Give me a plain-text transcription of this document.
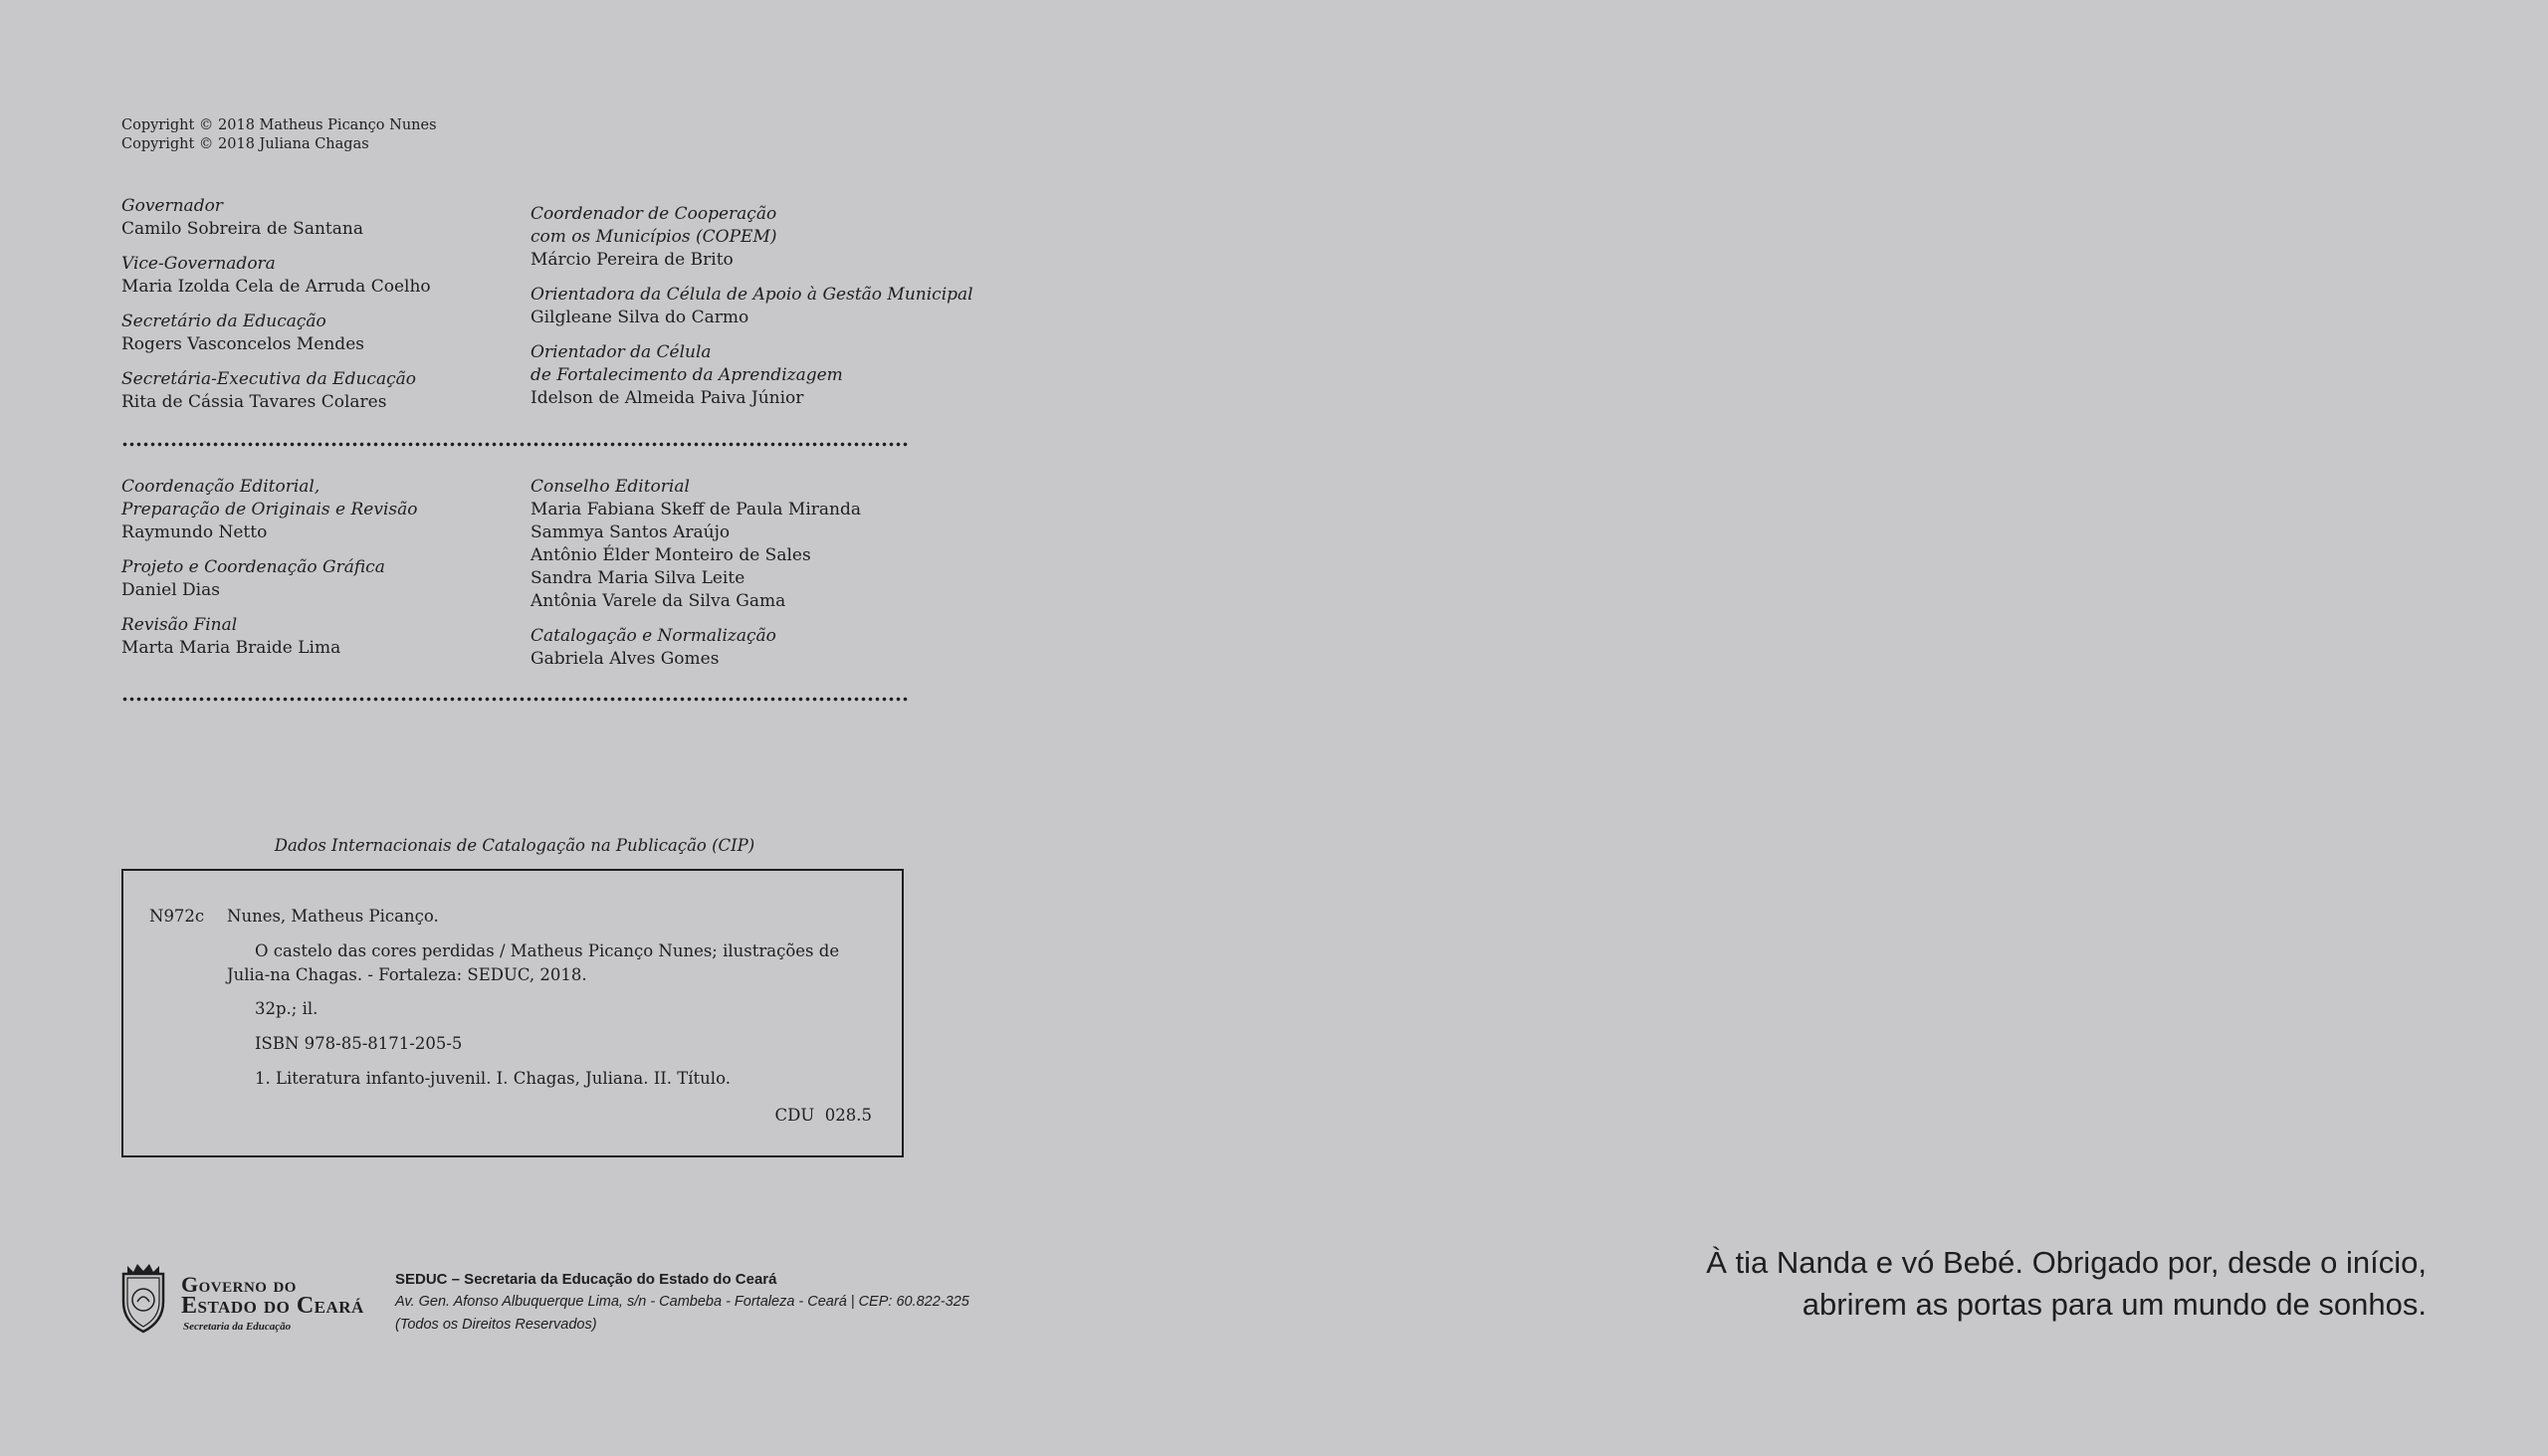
Copyright © 2018 Matheus Picanço Nunes
Copyright © 2018 Juliana Chagas
Governador
Camilo Sobreira de Santana
Vice-Governadora
Maria Izolda Cela de Arruda Coelho
Secretário da Educação
Rogers Vasconcelos Mendes
Secretária-Executiva da Educação
Rita de Cássia Tavares Colares
Coordenador de Cooperação
com os Municípios (COPEM)
Márcio Pereira de Brito
Orientadora da Célula de Apoio à Gestão Municipal
Gilgleane Silva do Carmo
Orientador da Célula
de Fortalecimento da Aprendizagem
Idelson de Almeida Paiva Júnior
Coordenação Editorial,
Preparação de Originais e Revisão
Raymundo Netto
Projeto e Coordenação Gráfica
Daniel Dias
Revisão Final
Marta Maria Braide Lima
Conselho Editorial
Maria Fabiana Skeff de Paula Miranda
Sammya Santos Araújo
Antônio Élder Monteiro de Sales
Sandra Maria Silva Leite
Antônia Varele da Silva Gama
Catalogação e Normalização
Gabriela Alves Gomes
Dados Internacionais de Catalogação na Publicação (CIP)
N972c Nunes, Matheus Picanço.
O castelo das cores perdidas / Matheus Picanço Nunes; ilustrações de Julia-na Chagas. - Fortaleza: SEDUC, 2018.
32p.; il.
ISBN 978-85-8171-205-5
1. Literatura infanto-juvenil. I. Chagas, Juliana. II. Título.
CDU  028.5
Governo do
Estado do Ceará
Secretaria da Educação
SEDUC – Secretaria da Educação do Estado do Ceará
Av. Gen. Afonso Albuquerque Lima, s/n - Cambeba - Fortaleza - Ceará | CEP: 60.822-325
(Todos os Direitos Reservados)
À tia Nanda e vó Bebé. Obrigado por, desde o início,
abrirem as portas para um mundo de sonhos.
